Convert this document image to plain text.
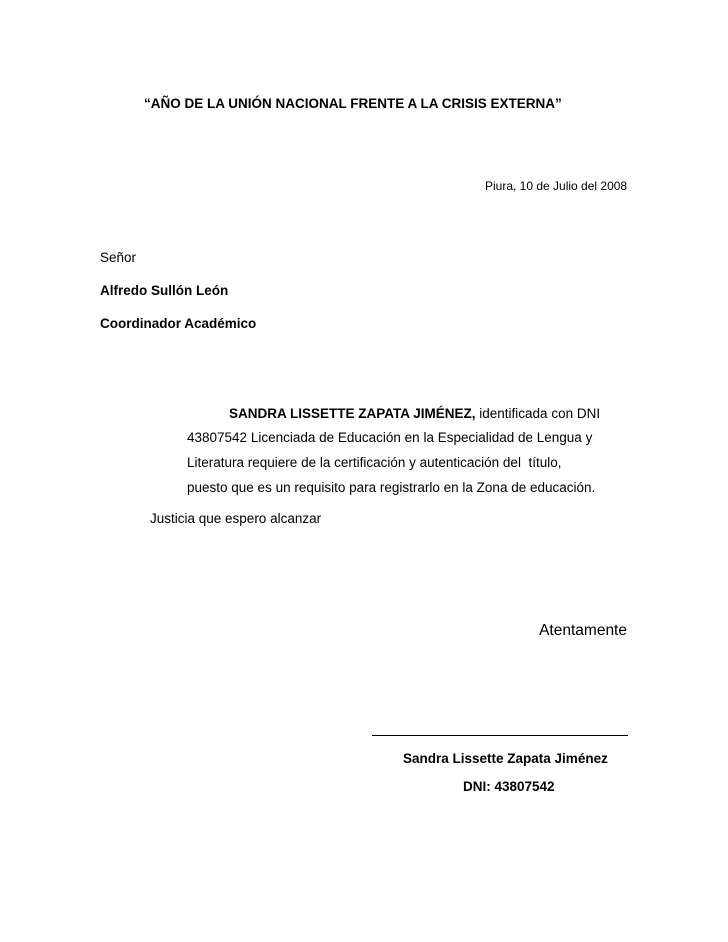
“AÑO DE LA UNIÓN NACIONAL FRENTE A LA CRISIS EXTERNA”
Piura, 10 de Julio del 2008
Señor
Alfredo Sullón León
Coordinador Académico
SANDRA LISSETTE ZAPATA JIMÉNEZ, identificada con DNI
43807542 Licenciada de Educación en la Especialidad de Lengua y
Literatura requiere de la certificación y autenticación del  título,
puesto que es un requisito para registrarlo en la Zona de educación.
Justicia que espero alcanzar
Atentamente
Sandra Lissette Zapata Jiménez
DNI: 43807542
